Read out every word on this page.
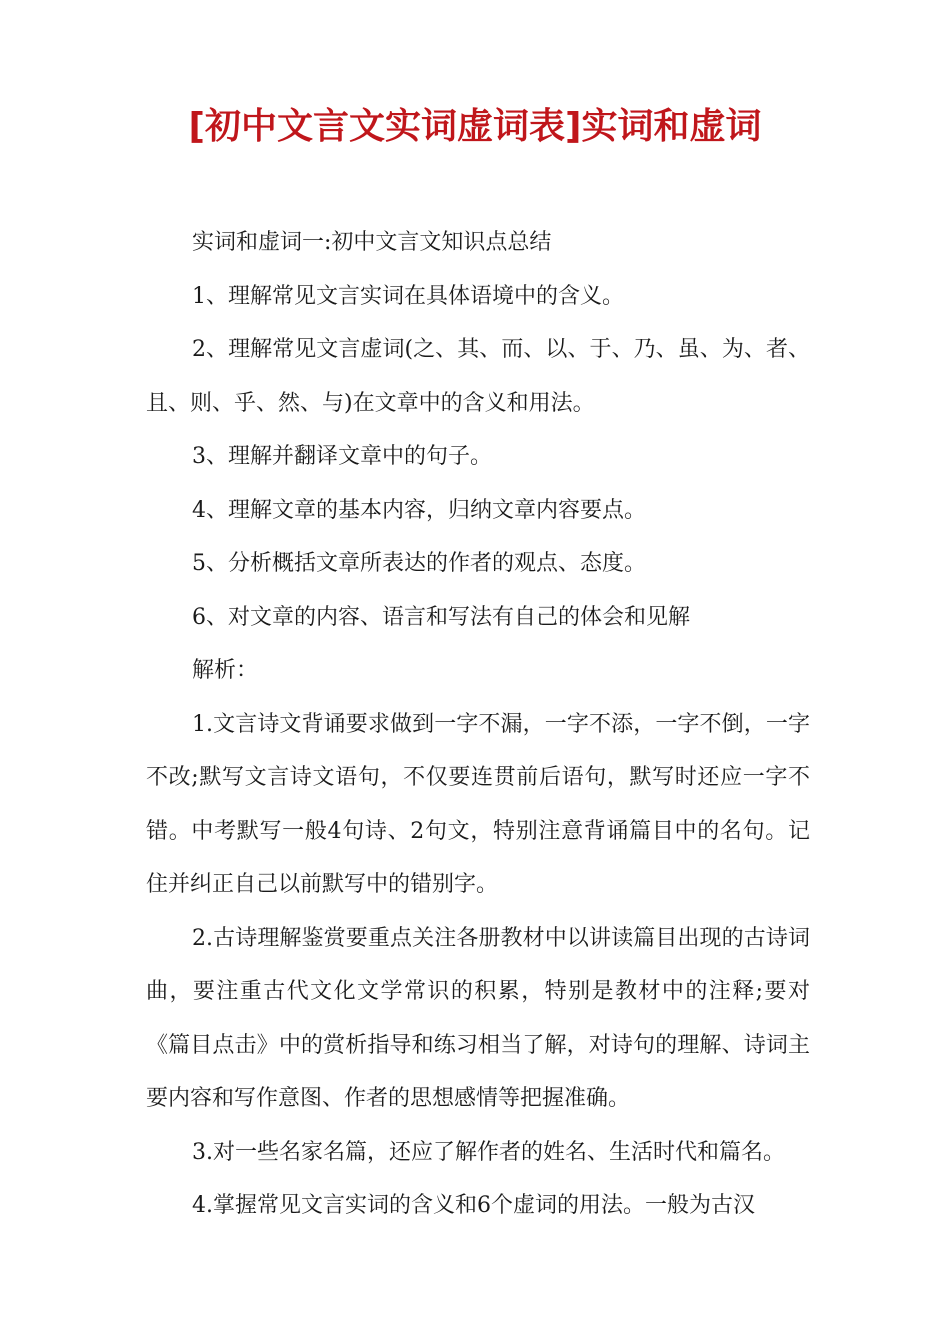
[初中文言文实词虚词表]实词和虚词

实词和虚词一:初中文言文知识点总结

1、理解常见文言实词在具体语境中的含义。

2、理解常见文言虚词(之、其、而、以、于、乃、虽、为、者、且、则、乎、然、与)在文章中的含义和用法。

3、理解并翻译文章中的句子。

4、理解文章的基本内容，归纳文章内容要点。

5、分析概括文章所表达的作者的观点、态度。

6、对文章的内容、语言和写法有自己的体会和见解

解析：

1.文言诗文背诵要求做到一字不漏，一字不添，一字不倒，一字不改;默写文言诗文语句，不仅要连贯前后语句，默写时还应一字不错。中考默写一般4句诗、2句文，特别注意背诵篇目中的名句。记住并纠正自己以前默写中的错别字。

2.古诗理解鉴赏要重点关注各册教材中以讲读篇目出现的古诗词曲，要注重古代文化文学常识的积累，特别是教材中的注释;要对《篇目点击》中的赏析指导和练习相当了解，对诗句的理解、诗词主要内容和写作意图、作者的思想感情等把握准确。

3.对一些名家名篇，还应了解作者的姓名、生活时代和篇名。

4.掌握常见文言实词的含义和6个虚词的用法。一般为古汉
